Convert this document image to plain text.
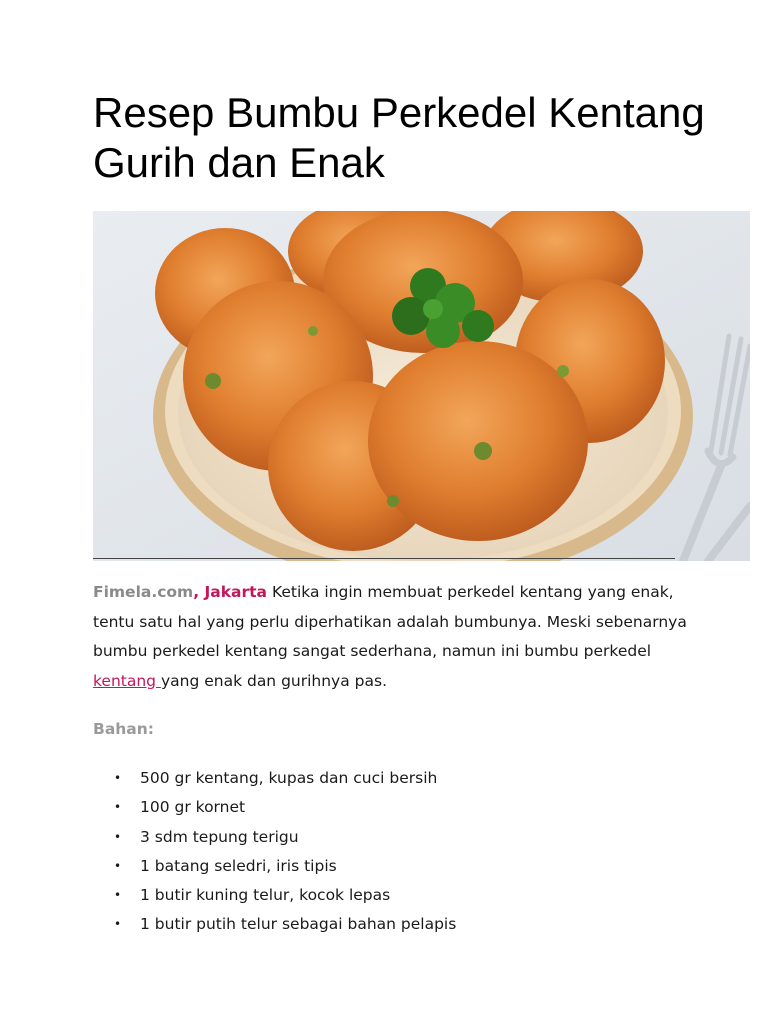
Resep Bumbu Perkedel Kentang Gurih dan Enak

Fimela.com, Jakarta Ketika ingin membuat perkedel kentang yang enak, tentu satu hal yang perlu diperhatikan adalah bumbunya. Meski sebenarnya bumbu perkedel kentang sangat sederhana, namun ini bumbu perkedel kentang yang enak dan gurihnya pas.

Bahan:
• 500 gr kentang, kupas dan cuci bersih
• 100 gr kornet
• 3 sdm tepung terigu
• 1 batang seledri, iris tipis
• 1 butir kuning telur, kocok lepas
• 1 butir putih telur sebagai bahan pelapis
